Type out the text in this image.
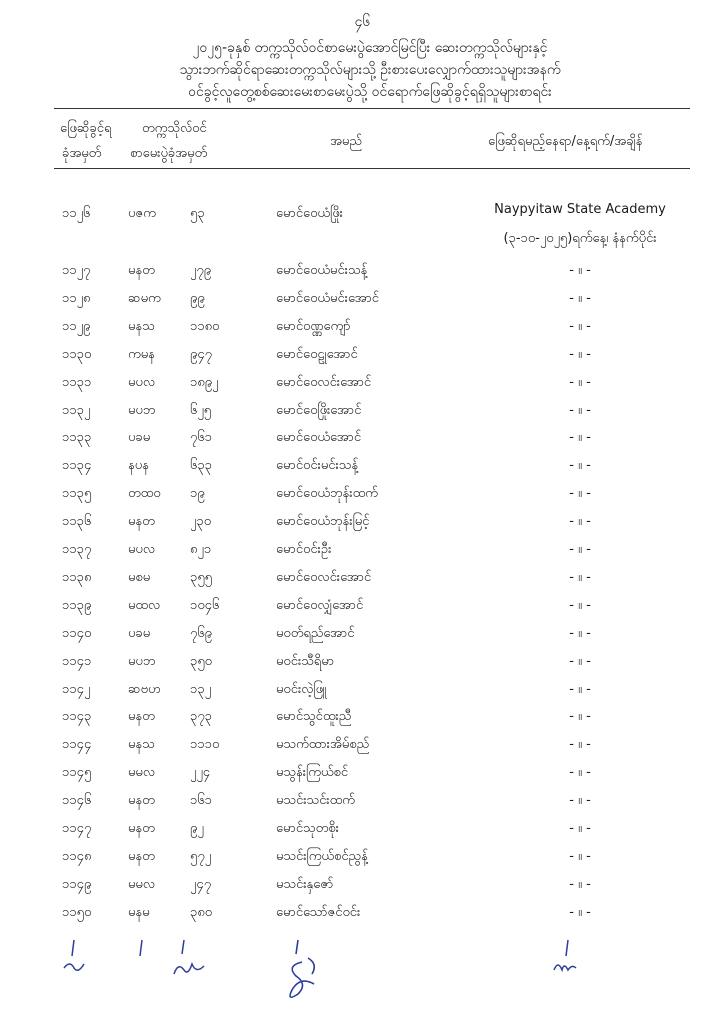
၄၆
၂၀၂၅-ခုနှစ် တက္ကသိုလ်ဝင်စာမေးပွဲအောင်မြင်ပြီး ဆေးတက္ကသိုလ်များနှင့်
သွားဘက်ဆိုင်ရာဆေးတက္ကသိုလ်များသို့ ဦးစားပေးလျှောက်ထားသူများအနက်
ဝင်ခွင့်လူတွေ့စစ်ဆေးမေးစာမေးပွဲသို့ ဝင်ရောက်ဖြေဆိုခွင့်ရရှိသူများစာရင်း
ဖြေဆိုခွင့်ရ
ခုံအမှတ်
တက္ကသိုလ်ဝင်
စာမေးပွဲခုံအမှတ်
အမည်	ဖြေဆိုရမည့်နေရာ/နေ့ရက်/အချိန်
Naypyitaw State Academy
(၃-၁၀-၂၀၂၅)ရက်နေ့၊ နံနက်ပိုင်း
၁၁၂၆	ပဇက	၅၃	မောင်ဝေယံဖြိုး
၁၁၂၇	မနတ	၂၇၉	မောင်ဝေယံမင်းသန့်	- ။ -
၁၁၂၈	ဆမက	၉၉	မောင်ဝေယံမင်းအောင်	- ။ -
၁၁၂၉	မနသ	၁၁၈၀	မောင်ဝဏ္ဏကျော်	- ။ -
၁၁၃၀	ကမန	၉၄၇	မောင်ဝေဠုအောင်	- ။ -
၁၁၃၁	မပလ	၁၈၉၂	မောင်ဝေလင်းအောင်	- ။ -
၁၁၃၂	မပဘ	၆၂၅	မောင်ဝေဖြိုးအောင်	- ။ -
၁၁၃၃	ပခမ	၇၆၁	မောင်ဝေယံအောင်	- ။ -
၁၁၃၄	နပန	၆၃၃	မောင်ဝင်းမင်းသန့်	- ။ -
၁၁၃၅	တထဝ	၁၉	မောင်ဝေယံဘုန်းထက်	- ။ -
၁၁၃၆	မနတ	၂၃၀	မောင်ဝေယံဘုန်းမြင့်	- ။ -
၁၁၃၇	မပလ	၈၂၁	မောင်ဝင်းဦး	- ။ -
၁၁၃၈	မစမ	၃၅၅	မောင်ဝေလင်းအောင်	- ။ -
၁၁၃၉	မထလ	၁၀၄၆	မောင်ဝေလျှံအောင်	- ။ -
၁၁၄၀	ပခမ	၇၆၉	မဝတ်ရည်အောင်	- ။ -
၁၁၄၁	မပဘ	၃၅၀	မဝင်းသီရိမာ	- ။ -
၁၁၄၂	ဆဗဟ	၁၃၂	မဝင်းလဲ့ဖြူ	- ။ -
၁၁၄၃	မနတ	၃၇၃	မောင်သွင်ထူးညီ	- ။ -
၁၁၄၄	မနသ	၁၁၁၀	မသက်ထားအိမ်စည်	- ။ -
၁၁၄၅	မမလ	၂၂၄	မသွန်းကြယ်စင်	- ။ -
၁၁၄၆	မနတ	၁၆၁	မသင်းသင်းထက်	- ။ -
၁၁၄၇	မနတ	၉၂	မောင်သုတစိုး	- ။ -
၁၁၄၈	မနတ	၅၇၂	မသင်းကြယ်စင်ညွန့်	- ။ -
၁၁၄၉	မမလ	၂၄၇	မသင်းနှဇော်	- ။ -
၁၁၅၀	မနမ	၃၈၀	မောင်သော်ဇင်ဝင်း	- ။ -
